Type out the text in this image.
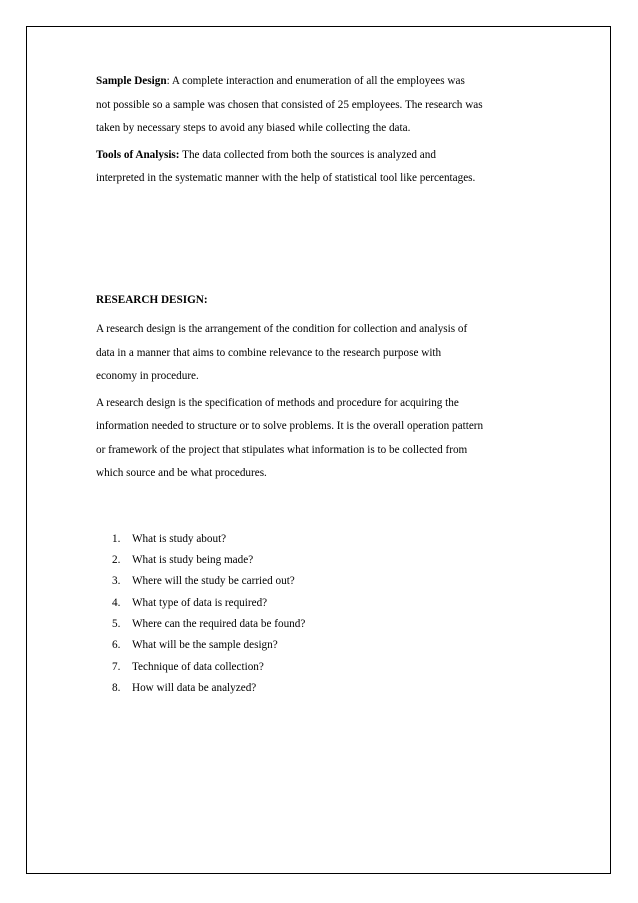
Sample Design: A complete interaction and enumeration of all the employees was
not possible so a sample was chosen that consisted of 25 employees. The research was
taken by necessary steps to avoid any biased while collecting the data.

Tools of Analysis: The data collected from both the sources is analyzed and
interpreted in the systematic manner with the help of statistical tool like percentages.

RESEARCH DESIGN:

A research design is the arrangement of the condition for collection and analysis of
data in a manner that aims to combine relevance to the research purpose with
economy in procedure.

A research design is the specification of methods and procedure for acquiring the
information needed to structure or to solve problems. It is the overall operation pattern
or framework of the project that stipulates what information is to be collected from
which source and be what procedures.

1. What is study about?
2. What is study being made?
3. Where will the study be carried out?
4. What type of data is required?
5. Where can the required data be found?
6. What will be the sample design?
7. Technique of data collection?
8. How will data be analyzed?
